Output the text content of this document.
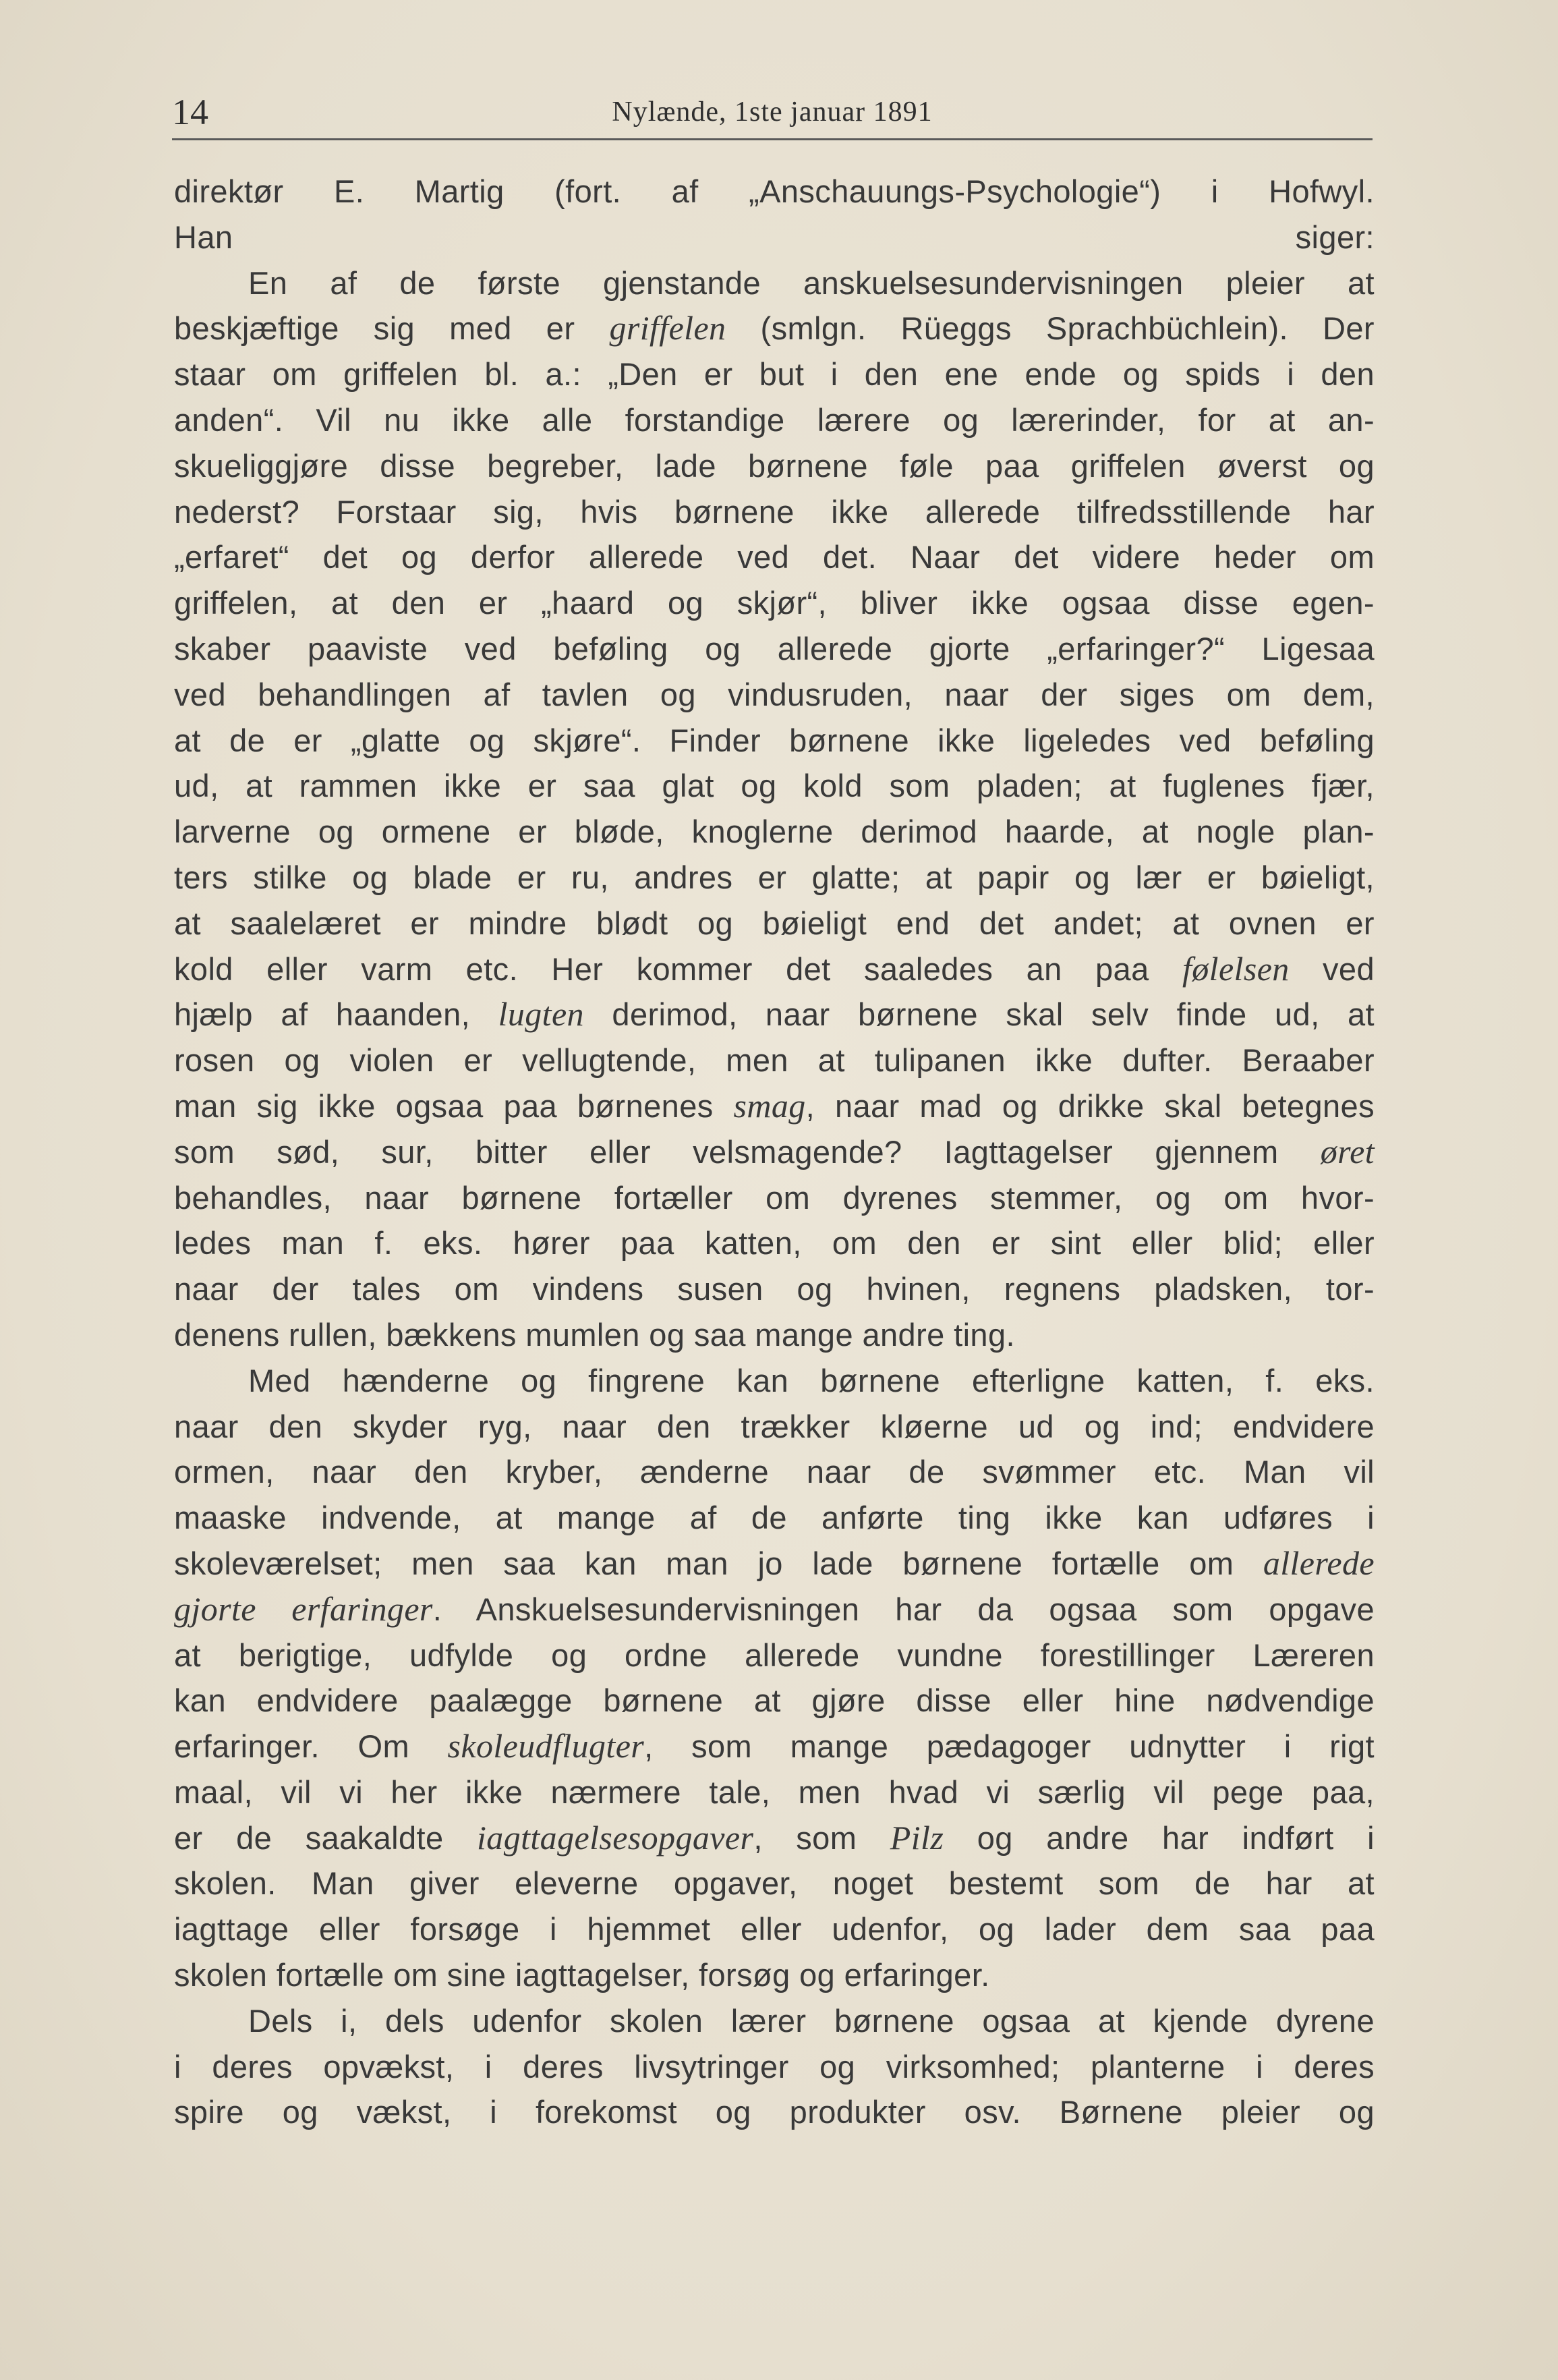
14	Nylænde, 1ste januar 1891

direktør E. Martig (fort. af „Anschauungs-Psychologie“) i Hofwyl.

Han siger:

En af de første gjenstande anskuelsesundervisningen pleier at

beskjæftige sig med er griffelen (smlgn. Rüeggs Sprachbüchlein). Der

staar om griffelen bl. a.: „Den er but i den ene ende og spids i den

anden“. Vil nu ikke alle forstandige lærere og lærerinder, for at an-

skueliggjøre disse begreber, lade børnene føle paa griffelen øverst og

nederst? Forstaar sig, hvis børnene ikke allerede tilfredsstillende har

„erfaret“ det og derfor allerede ved det. Naar det videre heder om

griffelen, at den er „haard og skjør“, bliver ikke ogsaa disse egen-

skaber paaviste ved beføling og allerede gjorte „erfaringer?“ Ligesaa

ved behandlingen af tavlen og vindusruden, naar der siges om dem,

at de er „glatte og skjøre“. Finder børnene ikke ligeledes ved beføling

ud, at rammen ikke er saa glat og kold som pladen; at fuglenes fjær,

larverne og ormene er bløde, knoglerne derimod haarde, at nogle plan-

ters stilke og blade er ru, andres er glatte; at papir og lær er bøieligt,

at saalelæret er mindre blødt og bøieligt end det andet; at ovnen er

kold eller varm etc. Her kommer det saaledes an paa følelsen ved

hjælp af haanden, lugten derimod, naar børnene skal selv finde ud, at

rosen og violen er vellugtende, men at tulipanen ikke dufter. Beraaber

man sig ikke ogsaa paa børnenes smag, naar mad og drikke skal betegnes

som sød, sur, bitter eller velsmagende? Iagttagelser gjennem øret

behandles, naar børnene fortæller om dyrenes stemmer, og om hvor-

ledes man f. eks. hører paa katten, om den er sint eller blid; eller

naar der tales om vindens susen og hvinen, regnens pladsken, tor-

denens rullen, bækkens mumlen og saa mange andre ting.

Med hænderne og fingrene kan børnene efterligne katten, f. eks.

naar den skyder ryg, naar den trækker kløerne ud og ind; endvidere

ormen, naar den kryber, ænderne naar de svømmer etc. Man vil

maaske indvende, at mange af de anførte ting ikke kan udføres i

skoleværelset; men saa kan man jo lade børnene fortælle om allerede

gjorte erfaringer. Anskuelsesundervisningen har da ogsaa som opgave

at berigtige, udfylde og ordne allerede vundne forestillinger Læreren

kan endvidere paalægge børnene at gjøre disse eller hine nødvendige

erfaringer. Om skoleudflugter, som mange pædagoger udnytter i rigt

maal, vil vi her ikke nærmere tale, men hvad vi særlig vil pege paa,

er de saakaldte iagttagelsesopgaver, som Pilz og andre har indført i

skolen. Man giver eleverne opgaver, noget bestemt som de har at

iagttage eller forsøge i hjemmet eller udenfor, og lader dem saa paa

skolen fortælle om sine iagttagelser, forsøg og erfaringer.

Dels i, dels udenfor skolen lærer børnene ogsaa at kjende dyrene

i deres opvækst, i deres livsytringer og virksomhed; planterne i deres

spire og vækst, i forekomst og produkter osv. Børnene pleier og
